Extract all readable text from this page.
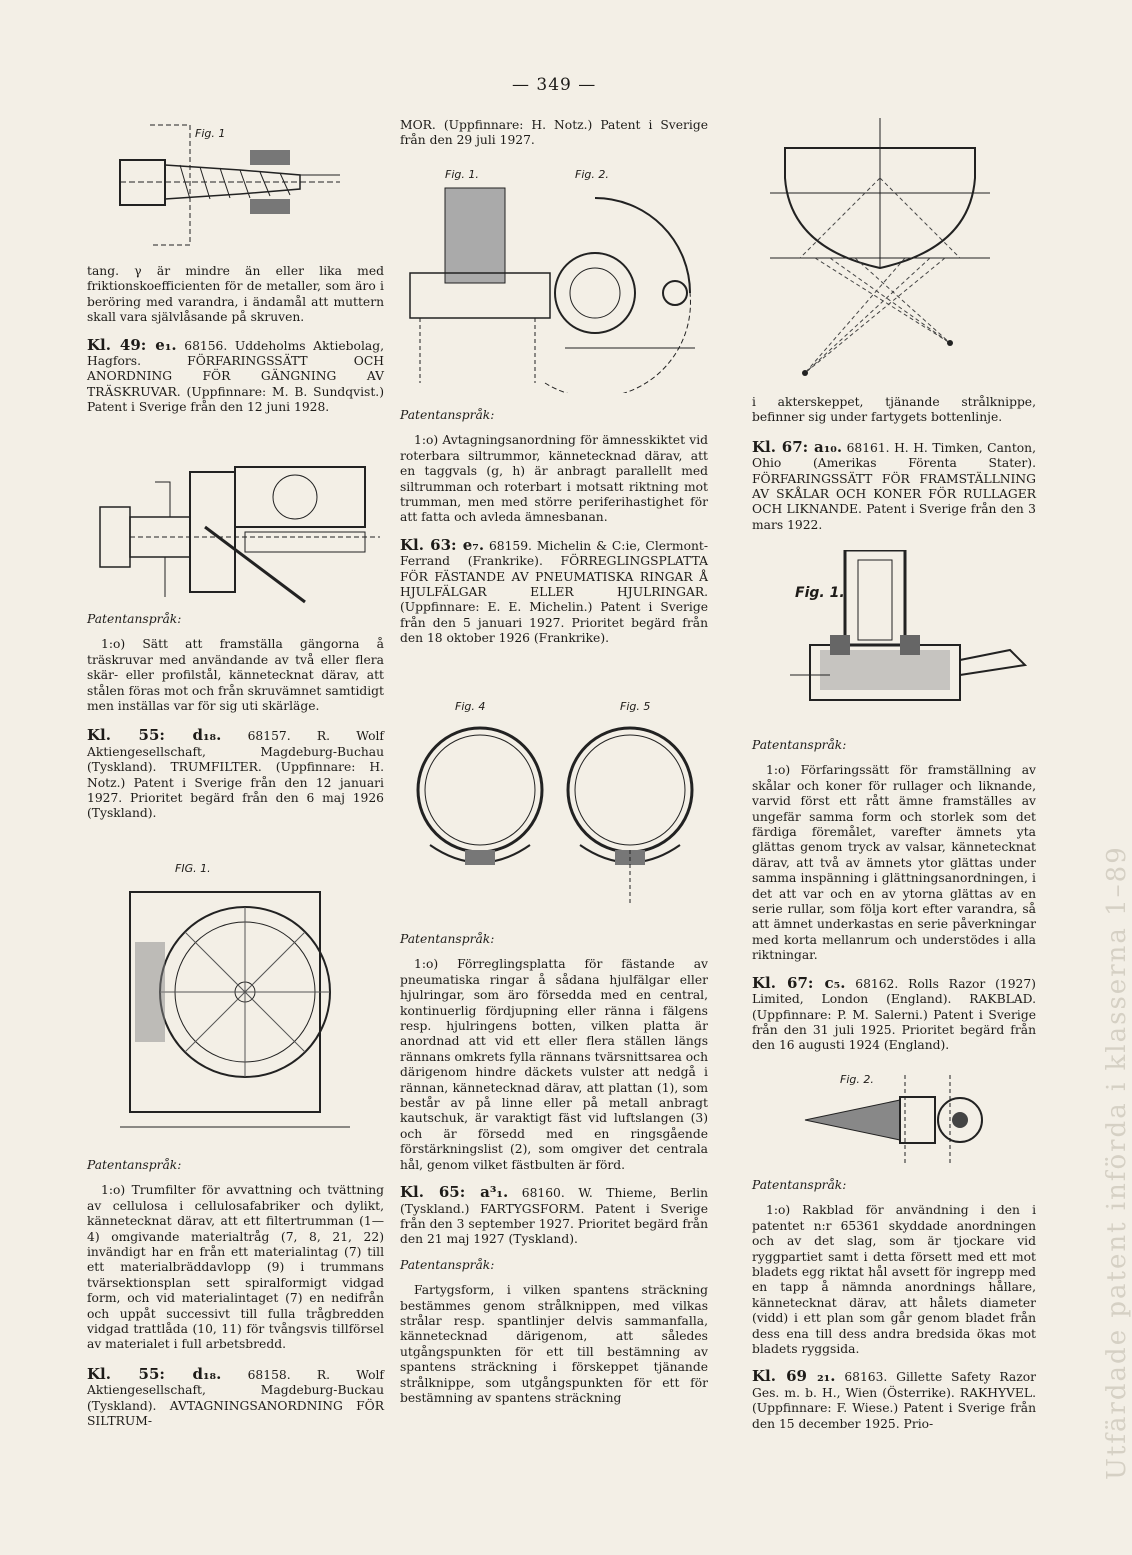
— 349 —
Utfärdade patent införda i klasserna 1–89
Fig. 1

tang. γ är mindre än eller lika med friktionskoefficienten för de metaller, som äro i beröring med varandra, i ändamål att muttern skall vara självlåsande på skruven.

Kl. 49: e₁. 68156. Uddeholms Aktiebolag, Hagfors. FÖRFARINGSSÄTT OCH ANORDNING FÖR GÄNGNING AV TRÄSKRUVAR. (Uppfinnare: M. B. Sundqvist.) Patent i Sverige från den 12 juni 1928.

Patentanspråk:

1:o) Sätt att framställa gängorna å träskruvar med användande av två eller flera skär- eller profilstål, kännetecknat därav, att stålen föras mot och från skruvämnet samtidigt men inställas var för sig uti skärläge.

Kl. 55: d₁₈. 68157. R. Wolf Aktiengesellschaft, Magdeburg-Buchau (Tyskland). TRUMFILTER. (Uppfinnare: H. Notz.) Patent i Sverige från den 12 januari 1927. Prioritet begärd från den 6 maj 1926 (Tyskland).

FIG. 1.

Patentanspråk:

1:o) Trumfilter för avvattning och tvättning av cellulosa i cellulosafabriker och dylikt, kännetecknat därav, att ett filtertrumman (1—4) omgivande materialtråg (7, 8, 21, 22) invändigt har en från ett materialintag (7) till ett materialbräddavlopp (9) i trummans tvärsektionsplan sett spiralformigt vidgad form, och vid materialintaget (7) en nedifrån och uppåt successivt till fulla trågbredden vidgad trattlåda (10, 11) för tvångsvis tillförsel av materialet i full arbetsbredd.

Kl. 55: d₁₈. 68158. R. Wolf Aktiengesellschaft, Magdeburg-Buckau (Tyskland). AVTAGNINGSANORDNING FÖR SILTRUM-

MOR. (Uppfinnare: H. Notz.) Patent i Sverige från den 29 juli 1927.

Fig. 1.	Fig. 2.

Patentanspråk:

1:o) Avtagningsanordning för ämnesskiktet vid roterbara siltrummor, kännetecknad därav, att en taggvals (g, h) är anbragt parallellt med siltrumman och roterbart i motsatt riktning mot trumman, men med större periferihastighet för att fatta och avleda ämnesbanan.

Kl. 63: e₇. 68159. Michelin & C:ie, Clermont-Ferrand (Frankrike). FÖRREGLINGSPLATTA FÖR FÄSTANDE AV PNEUMATISKA RINGAR Å HJULFÄLGAR ELLER HJULRINGAR. (Uppfinnare: E. E. Michelin.) Patent i Sverige från den 5 januari 1927. Prioritet begärd från den 18 oktober 1926 (Frankrike).

Fig. 4	Fig. 5

Patentanspråk:

1:o) Förreglingsplatta för fästande av pneumatiska ringar å sådana hjulfälgar eller hjulringar, som äro försedda med en central, kontinuerlig fördjupning eller ränna i fälgens resp. hjulringens botten, vilken platta är anordnad att vid ett eller flera ställen längs rännans omkrets fylla rännans tvärsnittsarea och därigenom hindre däckets vulster att nedgå i rännan, kännetecknad därav, att plattan (1), som består av på linne eller på metall anbragt kautschuk, är varaktigt fäst vid luftslangen (3) och är försedd med en ringsgående förstärkningslist (2), som omgiver det centrala hål, genom vilket fästbulten är förd.

Kl. 65: a³₁. 68160. W. Thieme, Berlin (Tyskland.) FARTYGSFORM. Patent i Sverige från den 3 september 1927. Prioritet begärd från den 21 maj 1927 (Tyskland).

Patentanspråk:

Fartygsform, i vilken spantens sträckning bestämmes genom strålknippen, med vilkas strålar resp. spantlinjer delvis sammanfalla, kännetecknad därigenom, att således utgångspunkten för ett till bestämning av spantens sträckning i förskeppet tjänande strålknippe, som utgångspunkten för ett för bestämning av spantens sträckning

i akterskeppet, tjänande strålknippe, befinner sig under fartygets bottenlinje.

Kl. 67: a₁₀. 68161. H. H. Timken, Canton, Ohio (Amerikas Förenta Stater). FÖRFARINGSSÄTT FÖR FRAMSTÄLLNING AV SKÅLAR OCH KONER FÖR RULLAGER OCH LIKNANDE. Patent i Sverige från den 3 mars 1922.

Fig. 1.

Patentanspråk:

1:o) Förfaringssätt för framställning av skålar och koner för rullager och liknande, varvid först ett rått ämne framställes av ungefär samma form och storlek som det färdiga föremålet, varefter ämnets yta glättas genom tryck av valsar, kännetecknat därav, att två av ämnets ytor glättas under samma inspänning i glättningsanordningen, i det att var och en av ytorna glättas av en serie rullar, som följa kort efter varandra, så att ämnet underkastas en serie påverkningar med korta mellanrum och understödes i alla riktningar.

Kl. 67: c₅. 68162. Rolls Razor (1927) Limited, London (England). RAKBLAD. (Uppfinnare: P. M. Salerni.) Patent i Sverige från den 31 juli 1925. Prioritet begärd från den 16 augusti 1924 (England).

Fig. 2.

Patentanspråk:

1:o) Rakblad för användning i den i patentet n:r 65361 skyddade anordningen och av det slag, som är tjockare vid ryggpartiet samt i detta försett med ett mot bladets egg riktat hål avsett för ingrepp med en tapp å nämnda anordnings hållare, kännetecknat därav, att hålets diameter (vidd) i ett plan som går genom bladet från dess ena till dess andra bredsida ökas mot bladets ryggsida.

Kl. 69 ₂₁. 68163. Gillette Safety Razor Ges. m. b. H., Wien (Österrike). RAKHYVEL. (Uppfinnare: F. Wiese.) Patent i Sverige från den 15 december 1925. Prio-
